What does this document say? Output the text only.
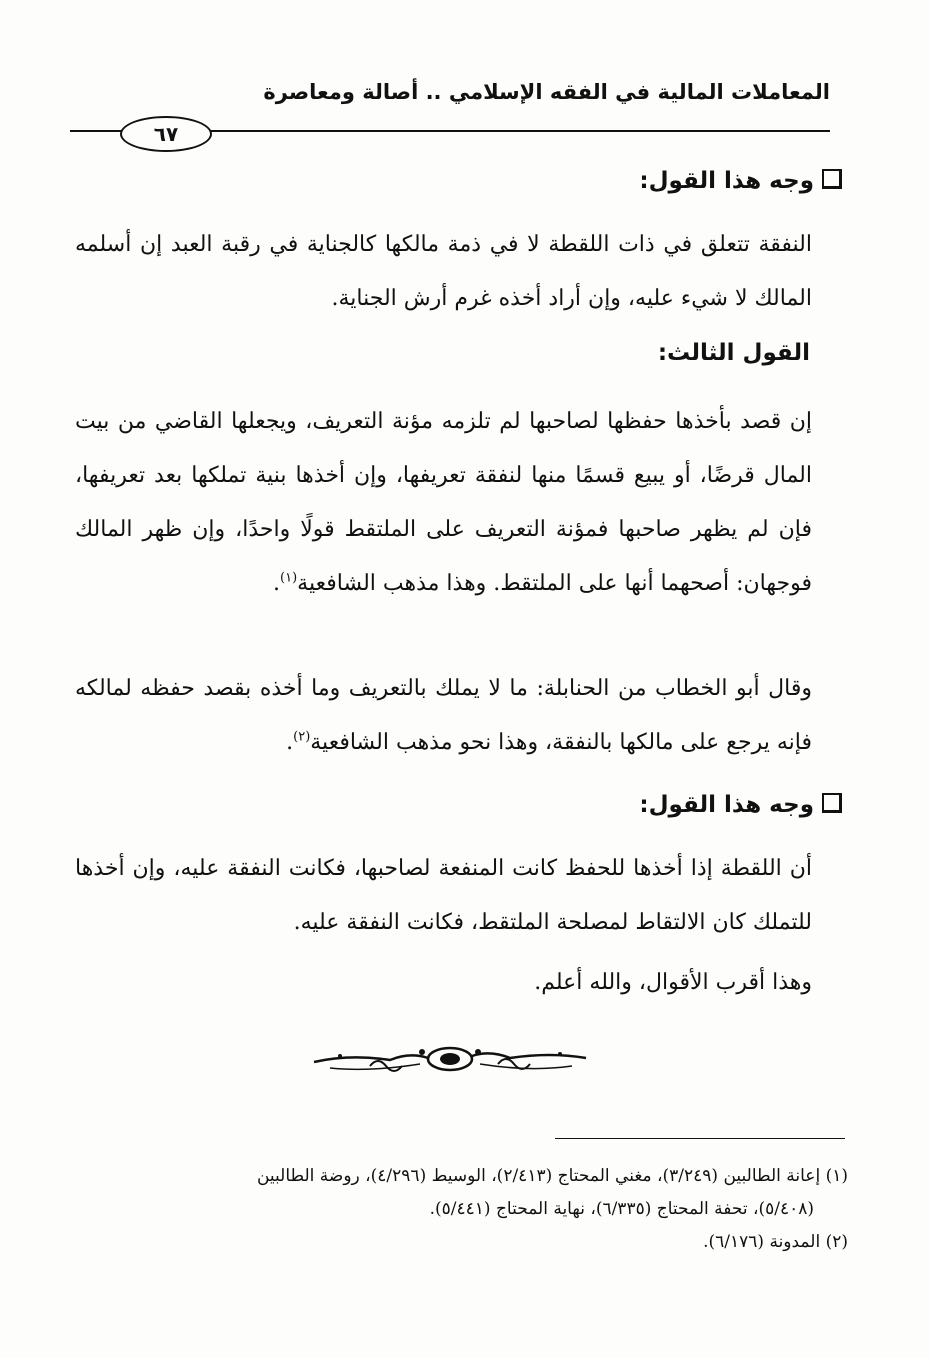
المعاملات المالية في الفقه الإسلامي .. أصالة ومعاصرة
٦٧
وجه هذا القول:
النفقة تتعلق في ذات اللقطة لا في ذمة مالكها كالجناية في رقبة العبد إن أسلمه المالك لا شيء عليه، وإن أراد أخذه غرم أرش الجناية.
القول الثالث:
إن قصد بأخذها حفظها لصاحبها لم تلزمه مؤنة التعريف، ويجعلها القاضي من بيت المال قرضًا، أو يبيع قسمًا منها لنفقة تعريفها، وإن أخذها بنية تملكها بعد تعريفها، فإن لم يظهر صاحبها فمؤنة التعريف على الملتقط قولًا واحدًا، وإن ظهر المالك فوجهان: أصحهما أنها على الملتقط. وهذا مذهب الشافعية$^{(١)}$.
وقال أبو الخطاب من الحنابلة: ما لا يملك بالتعريف وما أخذه بقصد حفظه لمالكه فإنه يرجع على مالكها بالنفقة، وهذا نحو مذهب الشافعية$^{(٢)}$.
وجه هذا القول:
أن اللقطة إذا أخذها للحفظ كانت المنفعة لصاحبها، فكانت النفقة عليه، وإن أخذها للتملك كان الالتقاط لمصلحة الملتقط، فكانت النفقة عليه.
وهذا أقرب الأقوال، والله أعلم.

(١) إعانة الطالبين (٣/٢٤٩)، مغني المحتاج (٢/٤١٣)، الوسيط (٤/٢٩٦)، روضة الطالبين

(٥/٤٠٨)، تحفة المحتاج (٦/٣٣٥)، نهاية المحتاج (٥/٤٤١).

(٢) المدونة (٦/١٧٦).
